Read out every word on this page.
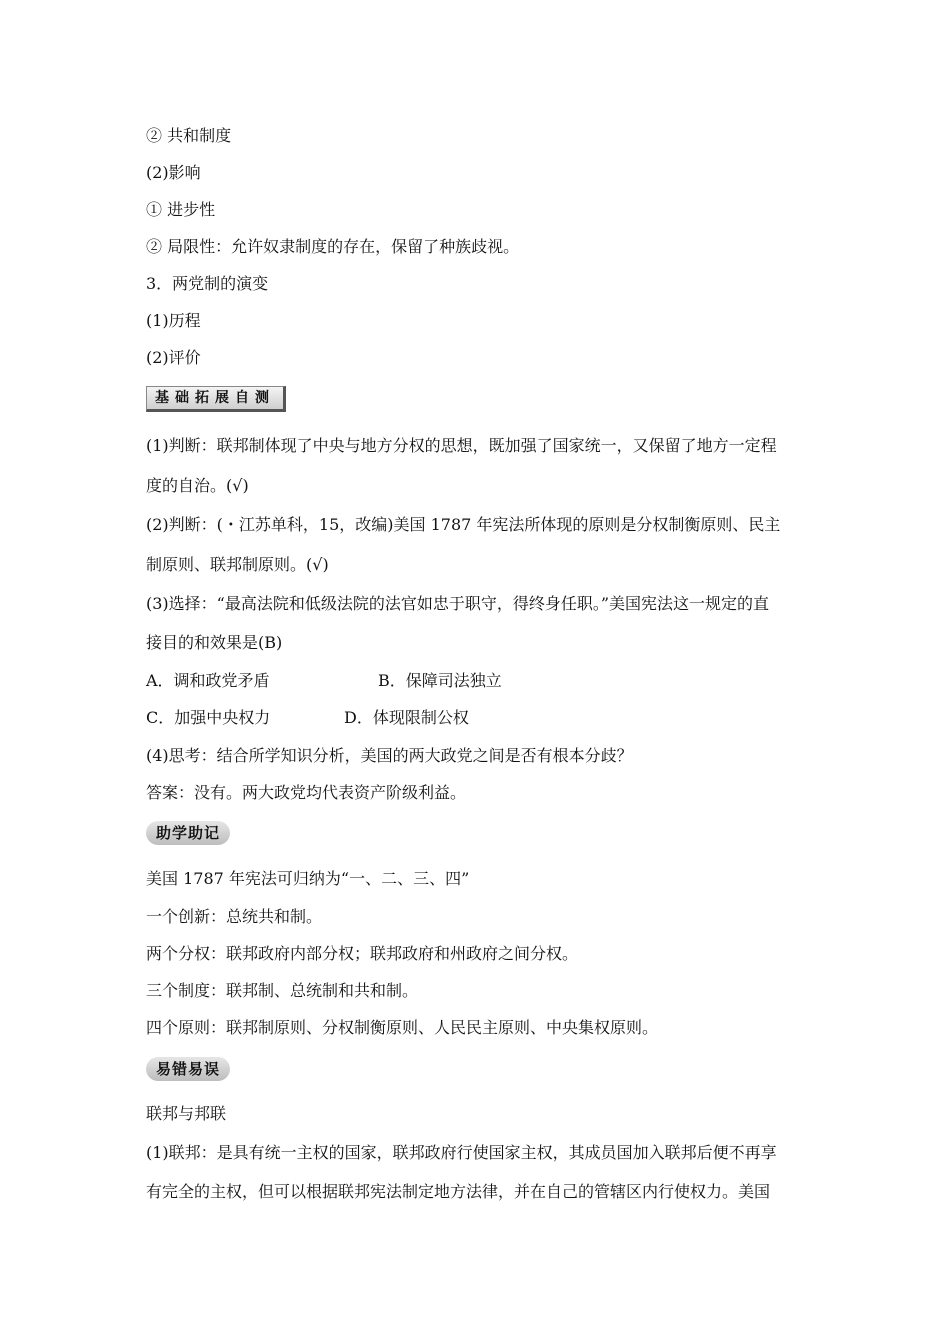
② 共和制度
(2)影响
① 进步性
② 局限性：允许奴隶制度的存在，保留了种族歧视。
3．两党制的演变
(1)历程
(2)评价
基础拓展自测
(1)判断：联邦制体现了中央与地方分权的思想，既加强了国家统一，又保留了地方一定程
度的自治。(√)
(2)判断：(・江苏单科，15，改编)美国 1787 年宪法所体现的原则是分权制衡原则、民主
制原则、联邦制原则。(√)
(3)选择：“最高法院和低级法院的法官如忠于职守，得终身任职。”美国宪法这一规定的直
接目的和效果是(B)
A．调和政党矛盾	B．保障司法独立
C．加强中央权力	D．体现限制公权
(4)思考：结合所学知识分析，美国的两大政党之间是否有根本分歧？
答案：没有。两大政党均代表资产阶级利益。
助学助记
美国 1787 年宪法可归纳为“一、二、三、四”
一个创新：总统共和制。
两个分权：联邦政府内部分权；联邦政府和州政府之间分权。
三个制度：联邦制、总统制和共和制。
四个原则：联邦制原则、分权制衡原则、人民民主原则、中央集权原则。
易错易误
联邦与邦联
(1)联邦：是具有统一主权的国家，联邦政府行使国家主权，其成员国加入联邦后便不再享
有完全的主权，但可以根据联邦宪法制定地方法律，并在自己的管辖区内行使权力。美国
